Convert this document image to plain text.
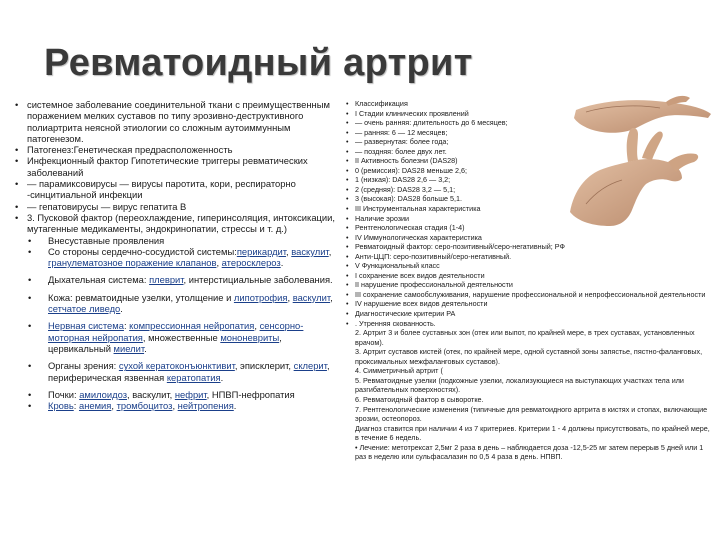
Ревматоидный артрит
• системное заболевание соединительной ткани с преимущественным поражением мелких суставов по типу эрозивно-деструктивного полиартрита неясной этиологии со сложным аутоиммунным патогенезом.
• Патогенез:Генетическая предрасположенность
• Инфекционный фактор Гипотетические триггеры ревматических заболеваний
• — парамиксовирусы — вирусы паротита, кори, респираторно -синцитиальной инфекции
• — гепатовирусы — вирус гепатита В
• 3. Пусковой фактор (переохлаждение, гиперинсоляция, интоксикации, мутагенные медикаменты, эндокринопатии, стрессы и т. д.)
• Внесуставные проявления
• Со стороны сердечно-сосудистой системы:перикардит, васкулит, гранулематозное поражение клапанов, атеросклероз.
• Дыхательная система: плеврит, интерстициальные заболевания.
• Кожа: ревматоидные узелки, утолщение и липотрофия, васкулит, сетчатое ливедо.
• Нервная система: компрессионная нейропатия, сенсорно-моторная нейропатия, множественные мононевриты, цервикальный миелит.
• Органы зрения: сухой кератоконъюнктивит, эписклерит, склерит, периферическая язвенная кератопатия.
• Почки: амилоидоз, васкулит, нефрит, НПВП-нефропатия
• Кровь: анемия, тромбоцитоз, нейтропения.
• Классификация
• I Стадии клинических проявлений
• — очень ранняя: длительность до 6 месяцев;
• — ранняя: 6 — 12 месяцев;
• — развернутая: более года;
• — поздняя: более двух лет.
• II Активность болезни (DAS28)
• 0 (ремиссия): DAS28 меньше 2,6;
• 1 (низкая): DAS28 2,6 — 3,2;
• 2 (средняя): DAS28 3,2 — 5,1;
• 3 (высокая): DAS28 больше 5,1.
• III Инструментальная характеристика
• Наличие эрозии
• Рентгенологическая стадия (1-4)
• IV Иммунологическая характеристика
• Ревматоидный фактор: серо-позитивный/серо-негативный; РФ
• Анти-ЦЦП: серо-позитивный/серо-негативный.
• V Функциональный класс
• I сохранение всех видов деятельности
• II нарушение профессиональной деятельности
• III сохранение самообслуживания, нарушение профессиональной и непрофессиональной деятельности
• IV нарушение всех видов деятельности
• Диагностические критерии РА
• . Утренняя скованность.
2. Артрит 3 и более суставных зон (отек или выпот, по крайней мере, в трех суставах, установленных врачом).
3. Артрит суставов кистей (отек, по крайней мере, одной суставной зоны запястье, пястно-фаланговых, проксимальных межфаланговых суставов).
4. Симметричный артрит (
5. Ревматоидные узелки (подкожные узелки, локализующиеся на выступающих участках тела или разгибательных поверхностях).
6. Ревматоидный фактор в сыворотке.
7. Рентгенологические изменения (типичные для ревматоидного артрита в кистях и стопах, включающие эрозии, остеопороз.
Диагноз ставится при наличии 4 из 7 критериев. Критерии 1 - 4 должны присутствовать, по крайней мере, в течение 6 недель.
• Лечение: метотрексат 2,5мг 2 раза в день – наблюдается доза -12,5-25 мг затем перерыв 5 дней или 1 раз в неделю или сульфасалазин по 0,5 4 раза в день. НПВП.
